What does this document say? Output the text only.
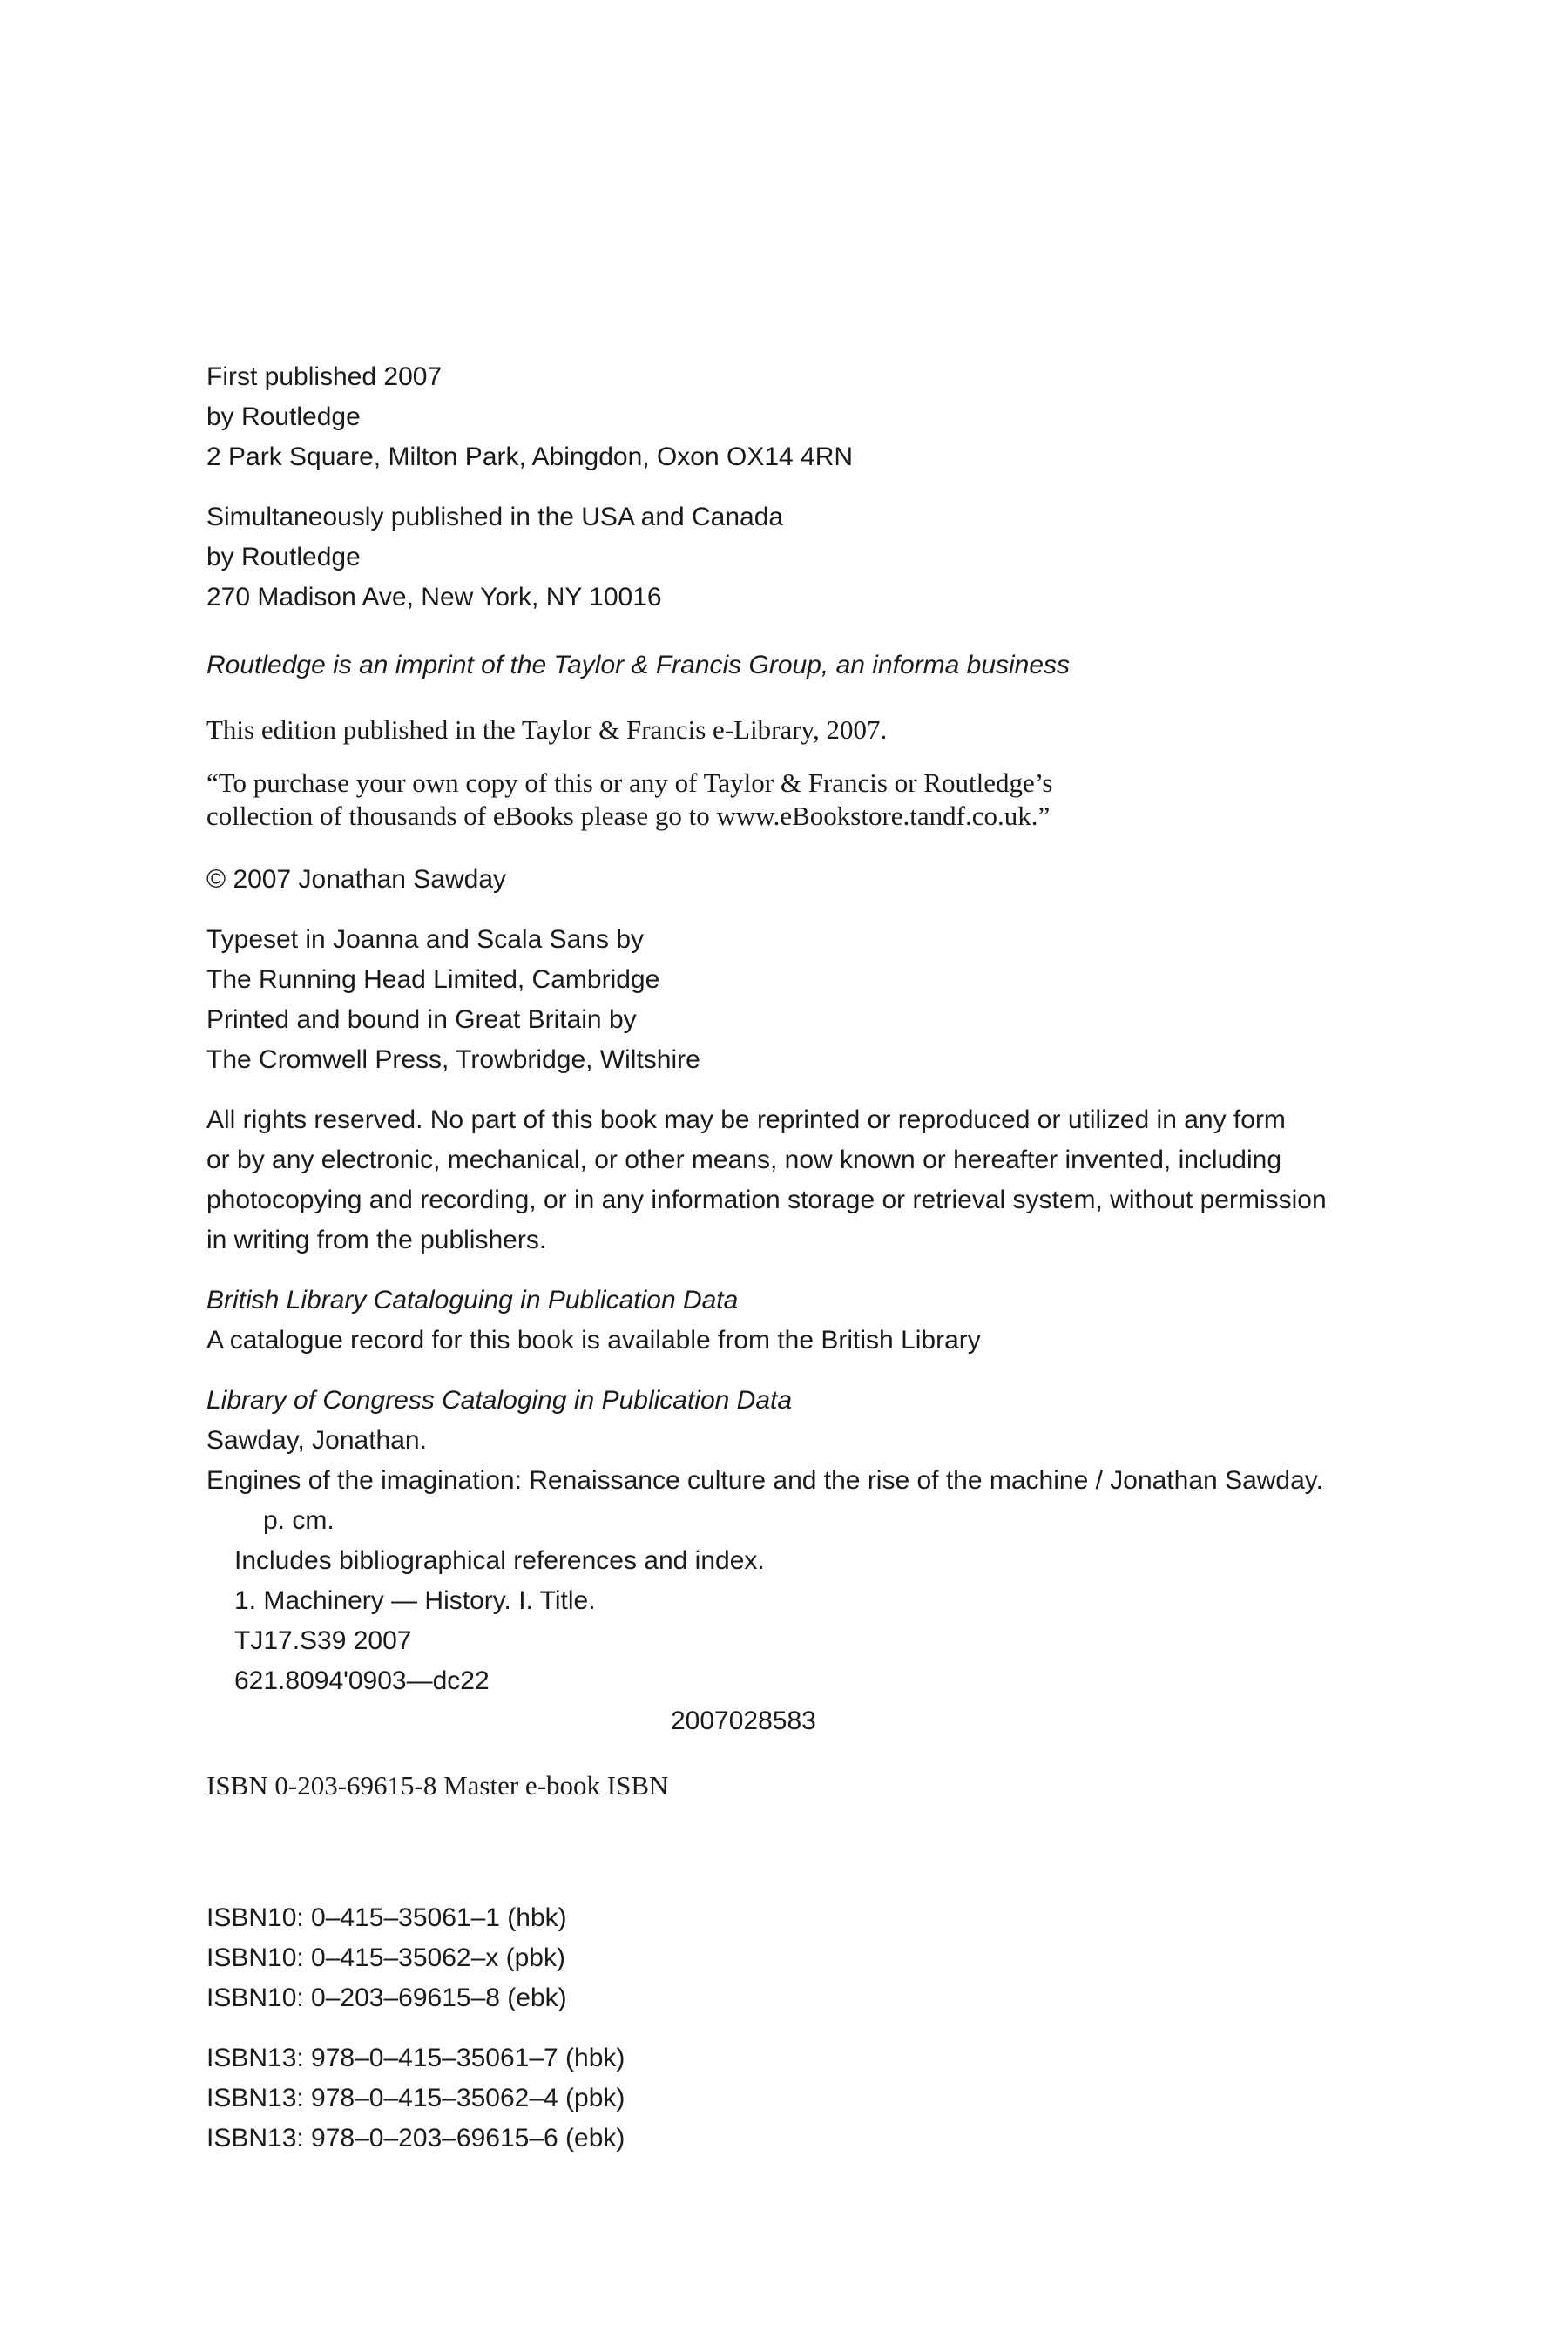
First published 2007
by Routledge
2 Park Square, Milton Park, Abingdon, Oxon OX14 4RN
Simultaneously published in the USA and Canada
by Routledge
270 Madison Ave, New York, NY 10016
Routledge is an imprint of the Taylor & Francis Group, an informa business
This edition published in the Taylor & Francis e-Library, 2007.
“To purchase your own copy of this or any of Taylor & Francis or Routledge’s
collection of thousands of eBooks please go to www.eBookstore.tandf.co.uk.”
© 2007 Jonathan Sawday
Typeset in Joanna and Scala Sans by
The Running Head Limited, Cambridge
Printed and bound in Great Britain by
The Cromwell Press, Trowbridge, Wiltshire
All rights reserved. No part of this book may be reprinted or reproduced or utilized in any form
or by any electronic, mechanical, or other means, now known or hereafter invented, including
photocopying and recording, or in any information storage or retrieval system, without permission
in writing from the publishers.
British Library Cataloguing in Publication Data
A catalogue record for this book is available from the British Library
Library of Congress Cataloging in Publication Data
Sawday, Jonathan.
Engines of the imagination: Renaissance culture and the rise of the machine / Jonathan Sawday.
p. cm.
Includes bibliographical references and index.
1. Machinery — History. I. Title.
TJ17.S39 2007
621.8094'0903—dc22
2007028583
ISBN 0-203-69615-8 Master e-book ISBN
ISBN10: 0–415–35061–1 (hbk)
ISBN10: 0–415–35062–x (pbk)
ISBN10: 0–203–69615–8 (ebk)
ISBN13: 978–0–415–35061–7 (hbk)
ISBN13: 978–0–415–35062–4 (pbk)
ISBN13: 978–0–203–69615–6 (ebk)
